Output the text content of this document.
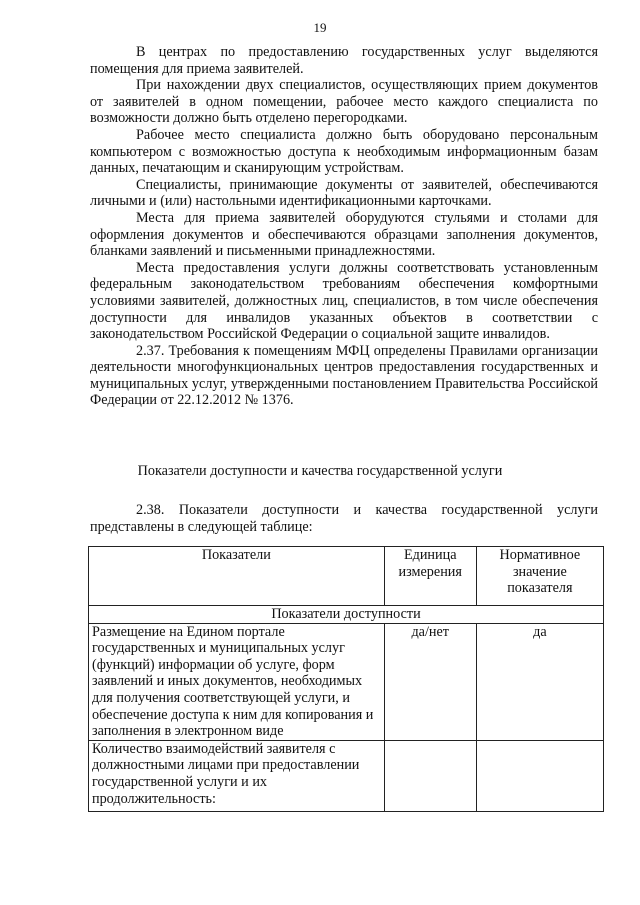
19

В центрах по предоставлению государственных услуг выделяются помещения для приема заявителей.

При нахождении двух специалистов, осуществляющих прием документов от заявителей в одном помещении, рабочее место каждого специалиста по возможности должно быть отделено перегородками.

Рабочее место специалиста должно быть оборудовано персональным компьютером с возможностью доступа к необходимым информационным базам данных, печатающим и сканирующим устройствам.

Специалисты, принимающие документы от заявителей, обеспечиваются личными и (или) настольными идентификационными карточками.

Места для приема заявителей оборудуются стульями и столами для оформления документов и обеспечиваются образцами заполнения документов, бланками заявлений и письменными принадлежностями.

Места предоставления услуги должны соответствовать установленным федеральным законодательством требованиям обеспечения комфортными условиями заявителей, должностных лиц, специалистов, в том числе обеспечения доступности для инвалидов указанных объектов в соответствии с законодательством Российской Федерации о социальной защите инвалидов.

2.37. Требования к помещениям МФЦ определены Правилами организации деятельности многофункциональных центров предоставления государственных и муниципальных услуг, утвержденными постановлением Правительства Российской Федерации от 22.12.2012 № 1376.

Показатели доступности и качества государственной услуги
2.38. Показатели доступности и качества государственной услуги представлены в следующей таблице:
Показатели	Единица измерения	Нормативное значение показателя
Показатели доступности		
Размещение на Едином портале государственных и муниципальных услуг (функций) информации об услуге, форм заявлений и иных документов, необходимых для получения соответствующей услуги, и обеспечение доступа к ним для копирования и заполнения в электронном виде	да/нет	да
Количество взаимодействий заявителя с должностными лицами при предоставлении государственной услуги и их продолжительность:		
